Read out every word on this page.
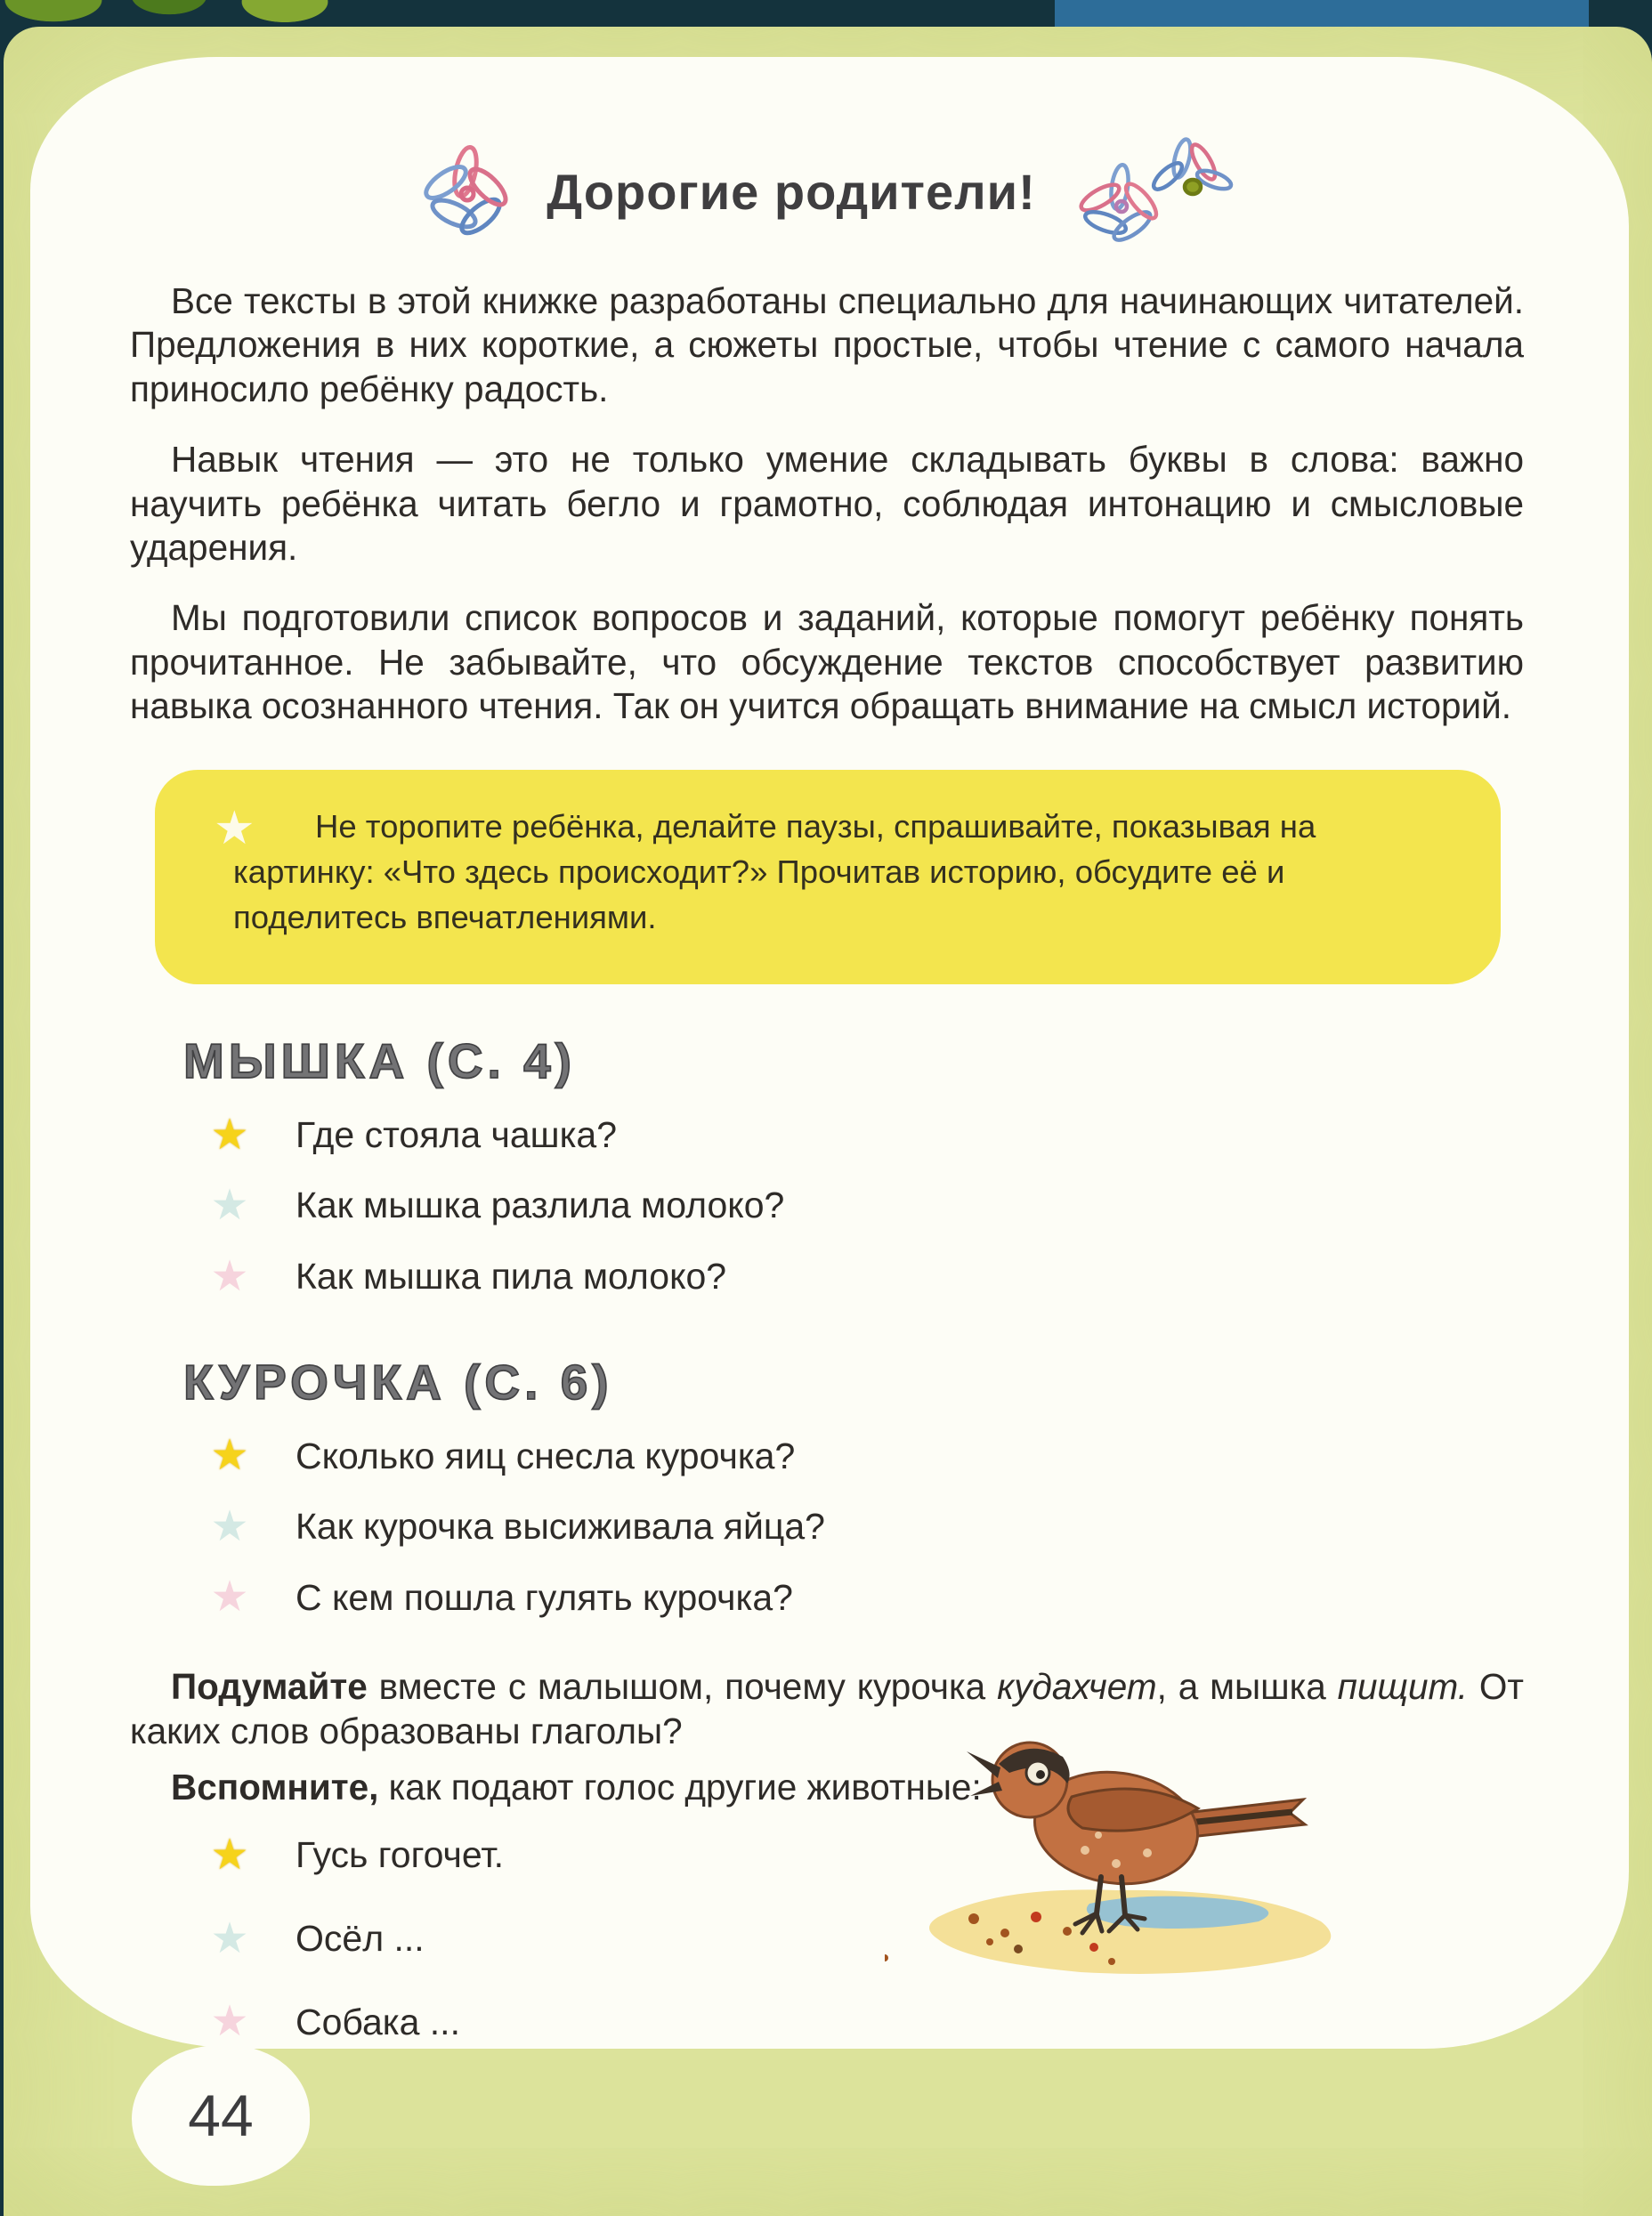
Дорогие родители!

Все тексты в этой книжке разработаны специально для начинающих читателей. Предложения в них короткие, а сюжеты простые, чтобы чтение с самого начала приносило ребёнку радость.

Навык чтения — это не только умение складывать буквы в слова: важно научить ребёнка читать бегло и грамотно, соблюдая интонацию и смысловые ударения.

Мы подготовили список вопросов и заданий, которые помогут ребёнку понять прочитанное. Не забывайте, что обсуждение текстов способствует развитию навыка осознанного чтения. Так он учится обращать внимание на смысл историй.

★	Не торопите ребёнка, делайте паузы, спрашивайте, показывая на картинку: «Что здесь происходит?» Прочитав историю, обсудите её и поделитесь впечатлениями.

МЫШКА (С. 4)
★ Где стояла чашка?
★ Как мышка разлила молоко?
★ Как мышка пила молоко?
КУРОЧКА (С. 6)
★ Сколько яиц снесла курочка?
★ Как курочка высиживала яйца?
★ С кем пошла гулять курочка?

Подумайте вместе с малышом, почему курочка кудахчет, а мышка пищит. От каких слов образованы глаголы?

Вспомните, как подают голос другие животные:

★ Гусь гогочет.
★ Осёл ...
★ Собака ...
44
